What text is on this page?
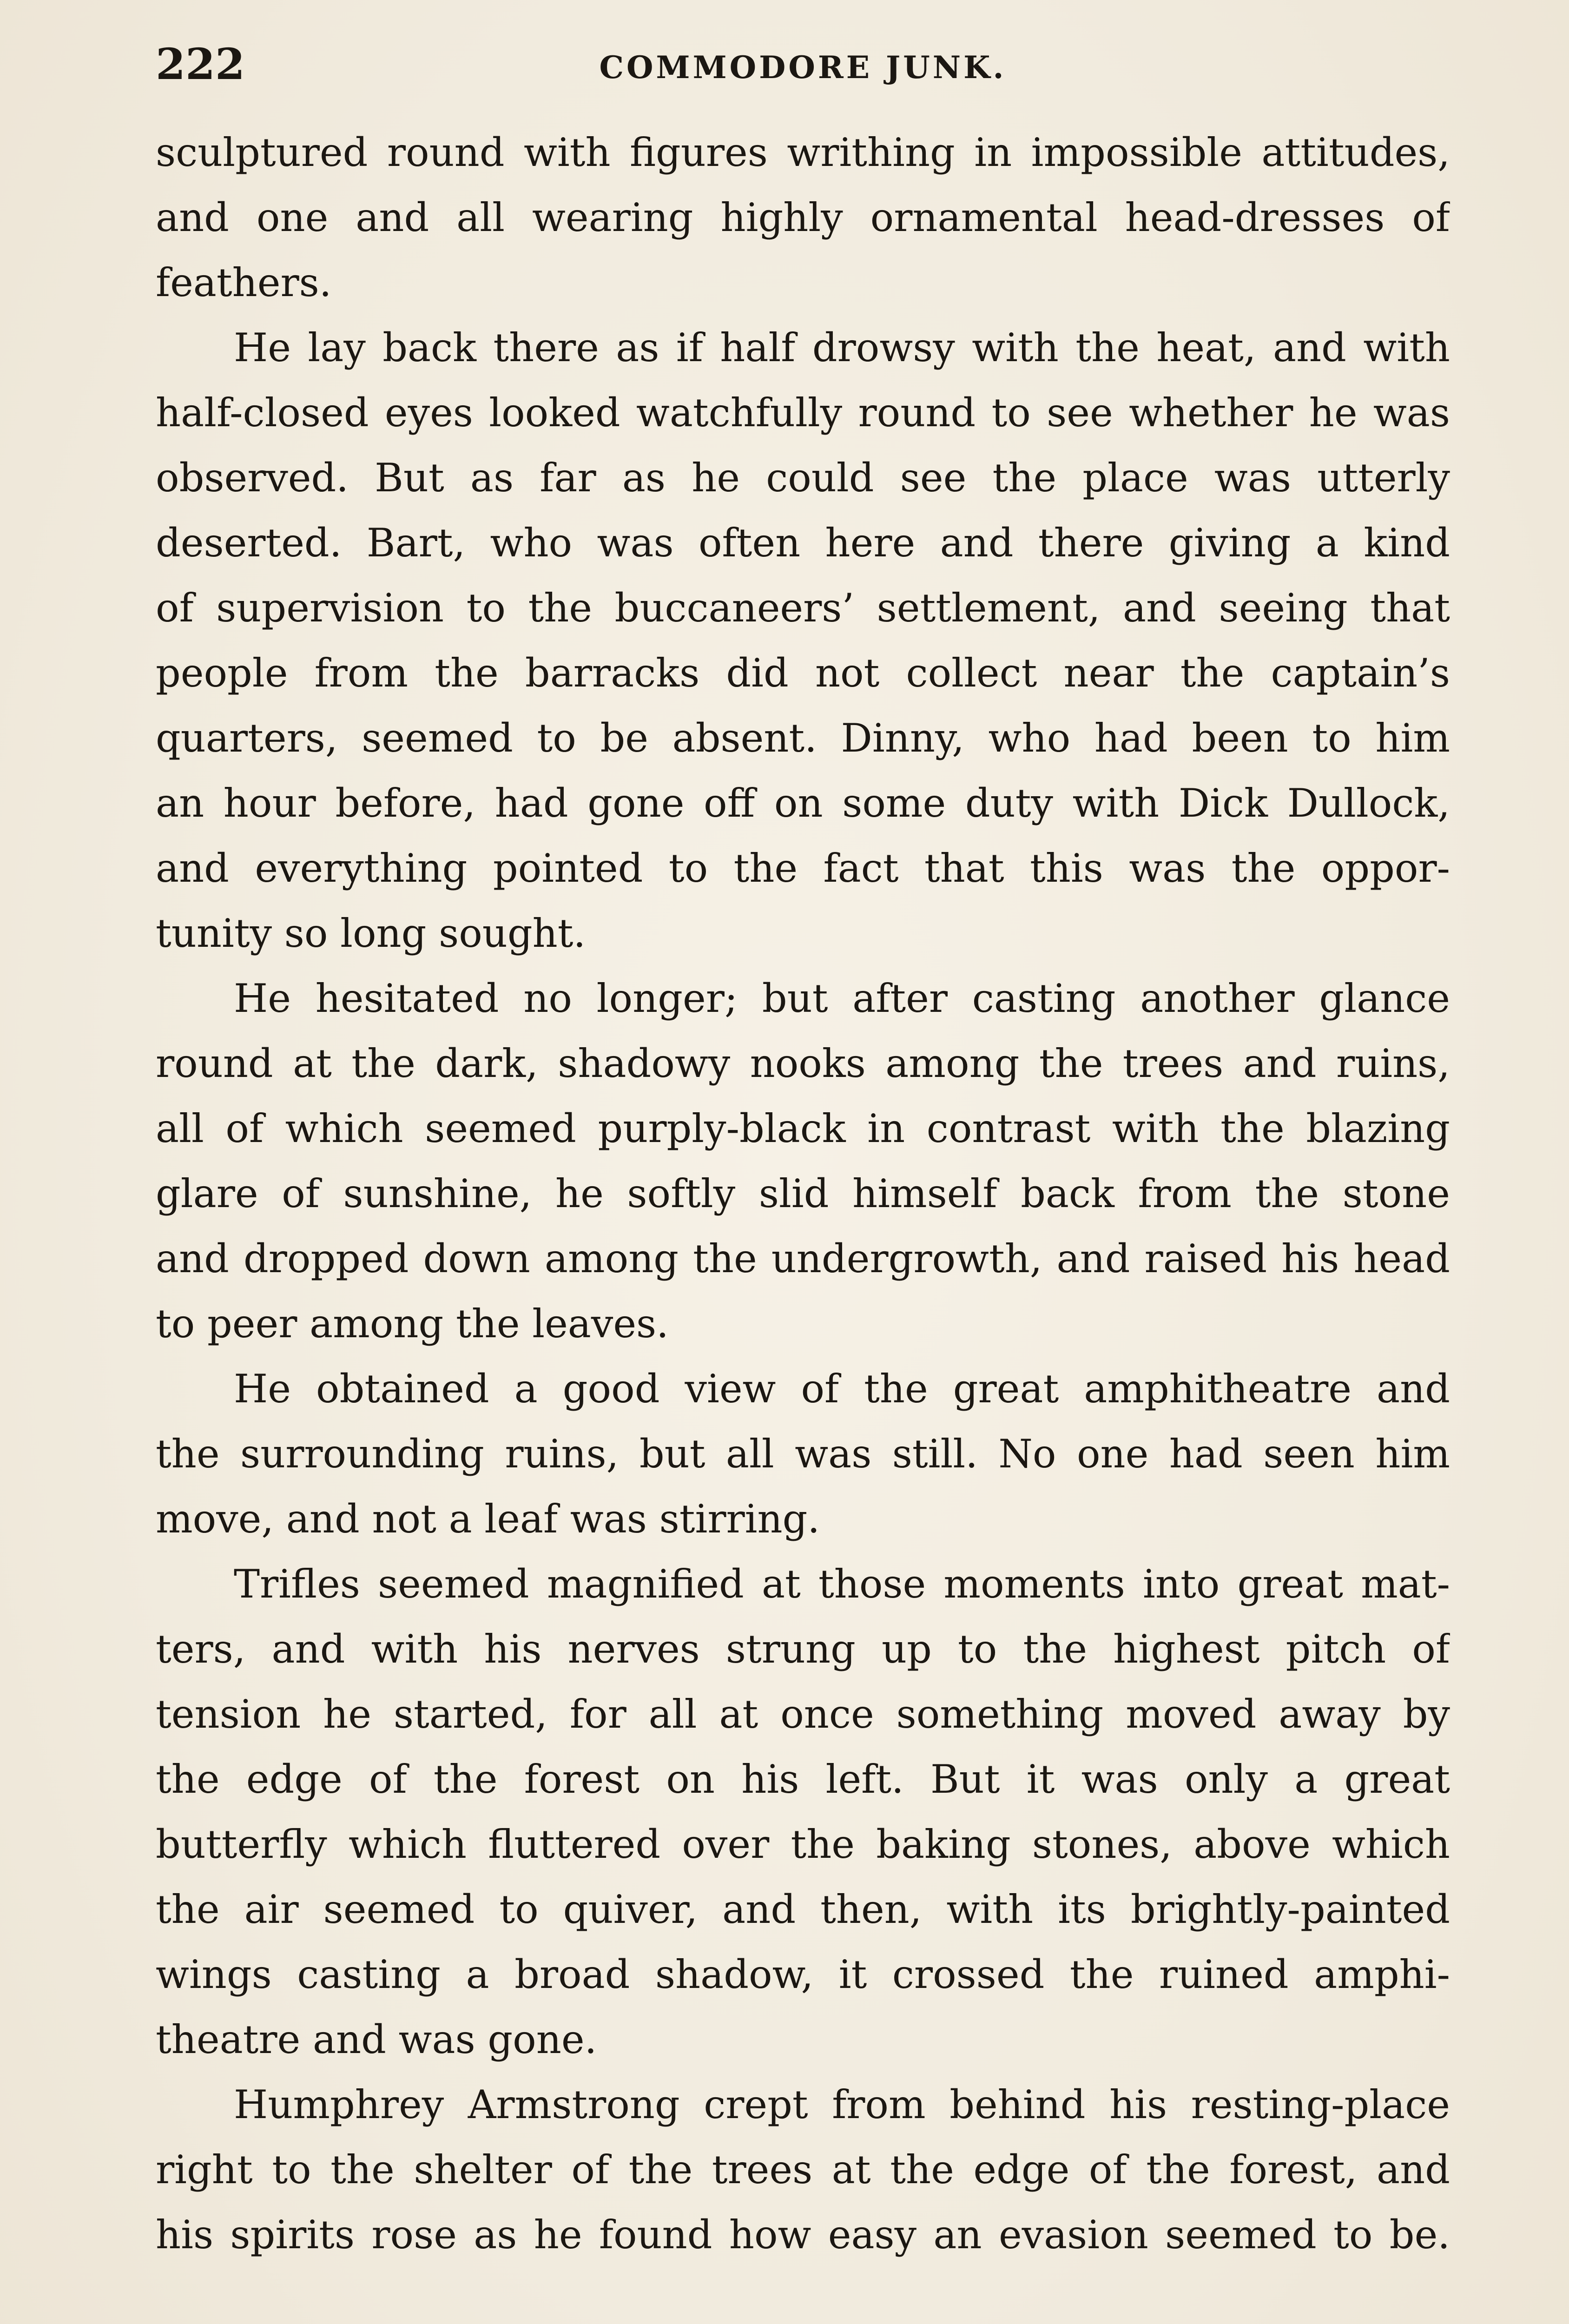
222	COMMODORE JUNK.
sculptured round with figures writhing in impossible attitudes,
and one and all wearing highly ornamental head-dresses of
feathers.
He lay back there as if half drowsy with the heat, and with
half-closed eyes looked watchfully round to see whether he was
observed. But as far as he could see the place was utterly
deserted. Bart, who was often here and there giving a kind
of supervision to the buccaneers’ settlement, and seeing that
people from the barracks did not collect near the captain’s
quarters, seemed to be absent. Dinny, who had been to him
an hour before, had gone off on some duty with Dick Dullock,
and everything pointed to the fact that this was the oppor-
tunity so long sought.
He hesitated no longer; but after casting another glance
round at the dark, shadowy nooks among the trees and ruins,
all of which seemed purply-black in contrast with the blazing
glare of sunshine, he softly slid himself back from the stone
and dropped down among the undergrowth, and raised his head
to peer among the leaves.
He obtained a good view of the great amphitheatre and
the surrounding ruins, but all was still. No one had seen him
move, and not a leaf was stirring.
Trifles seemed magnified at those moments into great mat-
ters, and with his nerves strung up to the highest pitch of
tension he started, for all at once something moved away by
the edge of the forest on his left. But it was only a great
butterfly which fluttered over the baking stones, above which
the air seemed to quiver, and then, with its brightly-painted
wings casting a broad shadow, it crossed the ruined amphi-
theatre and was gone.
Humphrey Armstrong crept from behind his resting-place
right to the shelter of the trees at the edge of the forest, and
his spirits rose as he found how easy an evasion seemed to be.
